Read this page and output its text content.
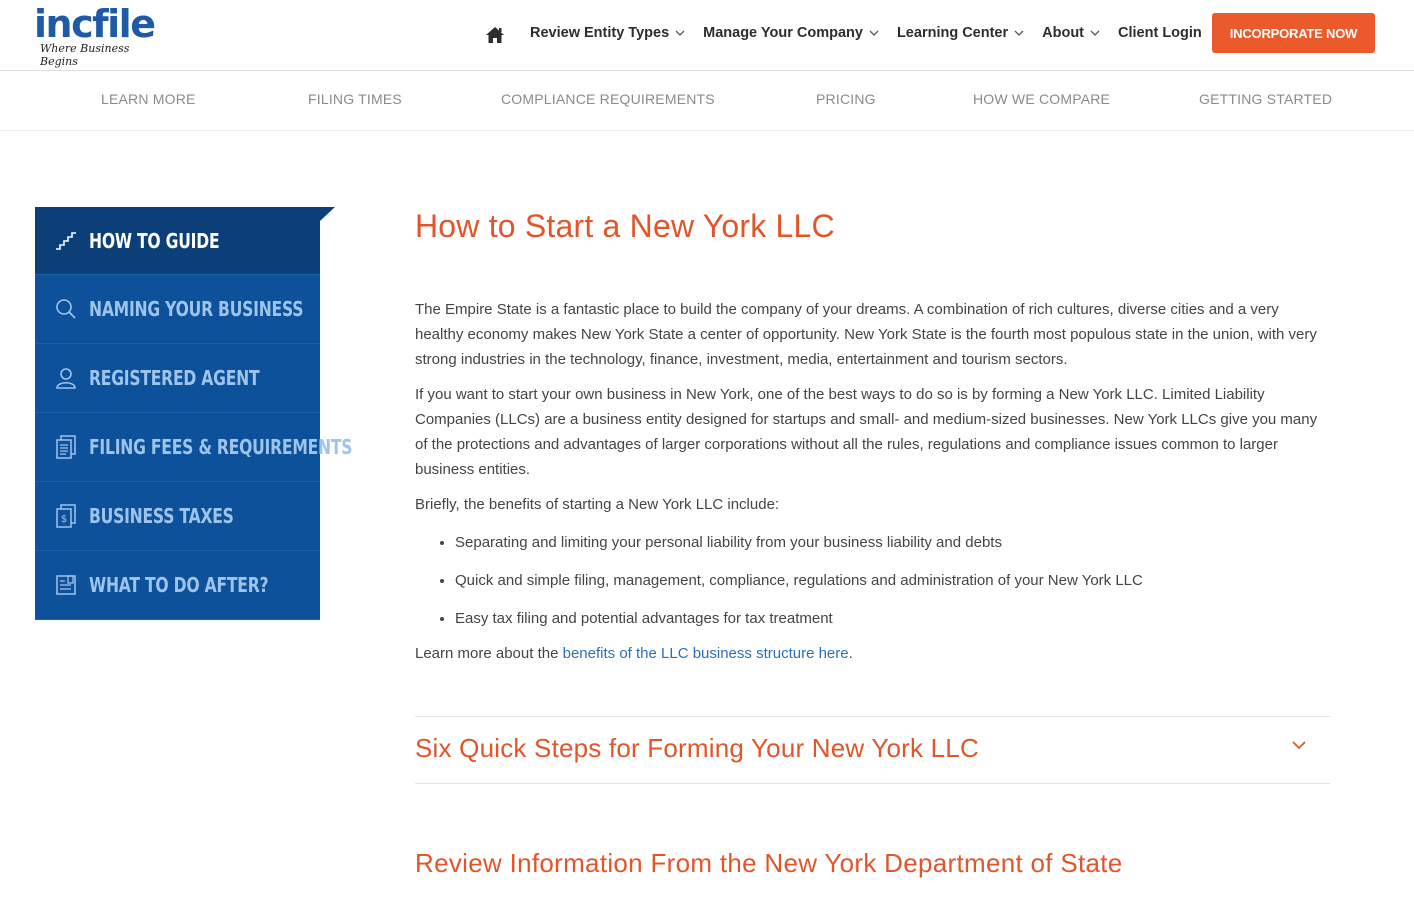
incfile
Where Business Begins
Review Entity Types Manage Your Company Learning Center About Client Login	INCORPORATE NOW
LEARN MORE	FILING TIMES	COMPLIANCE REQUIREMENTS	PRICING	HOW WE COMPARE	GETTING STARTED
HOW TO GUIDE
NAMING YOUR BUSINESS
REGISTERED AGENT
FILING FEES & REQUIREMENTS
$ BUSINESS TAXES
WHAT TO DO AFTER?
How to Start a New York LLC

The Empire State is a fantastic place to build the company of your dreams. A combination of rich cultures, diverse cities and a very healthy economy makes New York State a center of opportunity. New York State is the fourth most populous state in the union, with very strong industries in the technology, finance, investment, media, entertainment and tourism sectors.

If you want to start your own business in New York, one of the best ways to do so is by forming a New York LLC. Limited Liability Companies (LLCs) are a business entity designed for startups and small- and medium-sized businesses. New York LLCs give you many of the protections and advantages of larger corporations without all the rules, regulations and compliance issues common to larger business entities.

Briefly, the benefits of starting a New York LLC include:

Separating and limiting your personal liability from your business liability and debts
Quick and simple filing, management, compliance, regulations and administration of your New York LLC
Easy tax filing and potential advantages for tax treatment

Learn more about the benefits of the LLC business structure here.

Six Quick Steps for Forming Your New York LLC
Review Information From the New York Department of State
